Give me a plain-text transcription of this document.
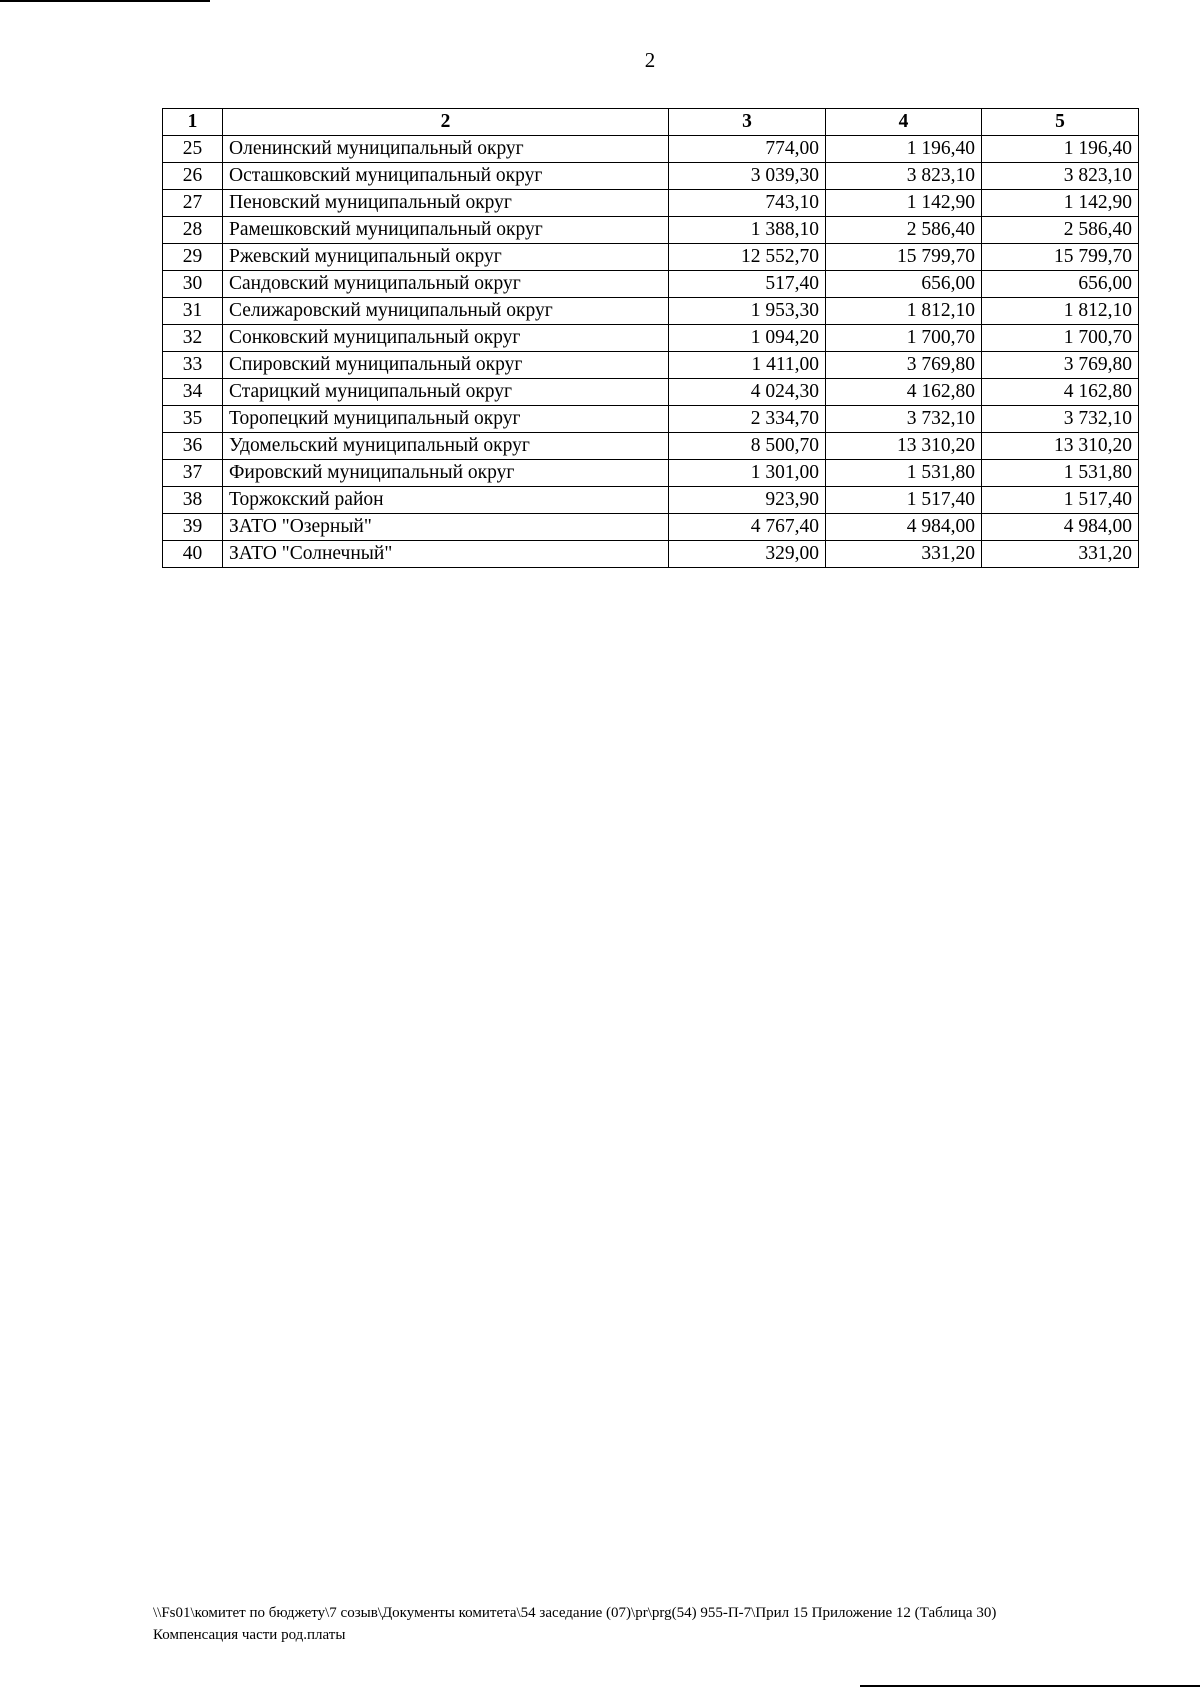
2
1	2	3	4	5
25	Оленинский муниципальный округ	774,00	1 196,40	1 196,40
26	Осташковский муниципальный округ	3 039,30	3 823,10	3 823,10
27	Пеновский муниципальный округ	743,10	1 142,90	1 142,90
28	Рамешковский муниципальный округ	1 388,10	2 586,40	2 586,40
29	Ржевский муниципальный округ	12 552,70	15 799,70	15 799,70
30	Сандовский муниципальный округ	517,40	656,00	656,00
31	Селижаровский муниципальный округ	1 953,30	1 812,10	1 812,10
32	Сонковский муниципальный округ	1 094,20	1 700,70	1 700,70
33	Спировский муниципальный округ	1 411,00	3 769,80	3 769,80
34	Старицкий муниципальный округ	4 024,30	4 162,80	4 162,80
35	Торопецкий муниципальный округ	2 334,70	3 732,10	3 732,10
36	Удомельский муниципальный округ	8 500,70	13 310,20	13 310,20
37	Фировский муниципальный округ	1 301,00	1 531,80	1 531,80
38	Торжокский район	923,90	1 517,40	1 517,40
39	ЗАТО "Озерный"	4 767,40	4 984,00	4 984,00
40	ЗАТО "Солнечный"	329,00	331,20	331,20
\\Fs01\комитет по бюджету\7 созыв\Документы комитета\54 заседание (07)\pr\prg(54) 955-П-7\Прил 15 Приложение 12 (Таблица 30)
Компенсация части род.платы
